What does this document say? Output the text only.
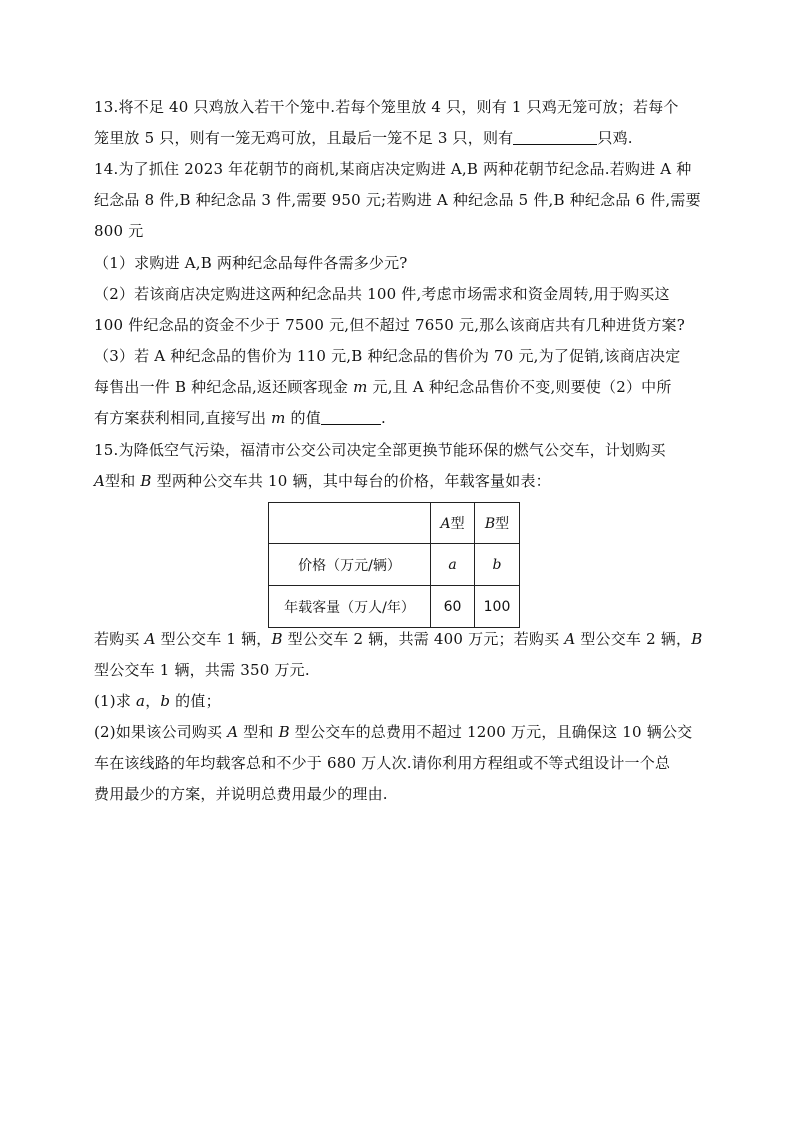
13.将不足 40 只鸡放入若干个笼中.若每个笼里放 4 只，则有 1 只鸡无笼可放；若每个
笼里放 5 只，则有一笼无鸡可放，且最后一笼不足 3 只，则有	只鸡.
14.为了抓住 2023 年花朝节的商机,某商店决定购进 A,B 两种花朝节纪念品.若购进 A 种
纪念品 8 件,B 种纪念品 3 件,需要 950 元;若购进 A 种纪念品 5 件,B 种纪念品 6 件,需要
800 元
（1）求购进 A,B 两种纪念品每件各需多少元?
（2）若该商店决定购进这两种纪念品共 100 件,考虑市场需求和资金周转,用于购买这
100 件纪念品的资金不少于 7500 元,但不超过 7650 元,那么该商店共有几种进货方案?
（3）若 A 种纪念品的售价为 110 元,B 种纪念品的售价为 70 元,为了促销,该商店决定
每售出一件 B 种纪念品,返还顾客现金 m 元,且 A 种纪念品售价不变,则要使（2）中所
有方案获利相同,直接写出 m 的值	.
15.为降低空气污染，福清市公交公司决定全部更换节能环保的燃气公交车，计划购买
A型和 B 型两种公交车共 10 辆，其中每台的价格，年载客量如表：
	A型	B型
价格（万元/辆）	a	b
年载客量（万人/年）	60	100
若购买 A 型公交车 1 辆，B 型公交车 2 辆，共需 400 万元；若购买 A 型公交车 2 辆，B
型公交车 1 辆，共需 350 万元.
(1)求 a，b 的值；
(2)如果该公司购买 A 型和 B 型公交车的总费用不超过 1200 万元，且确保这 10 辆公交
车在该线路的年均载客总和不少于 680 万人次.请你利用方程组或不等式组设计一个总
费用最少的方案，并说明总费用最少的理由.
